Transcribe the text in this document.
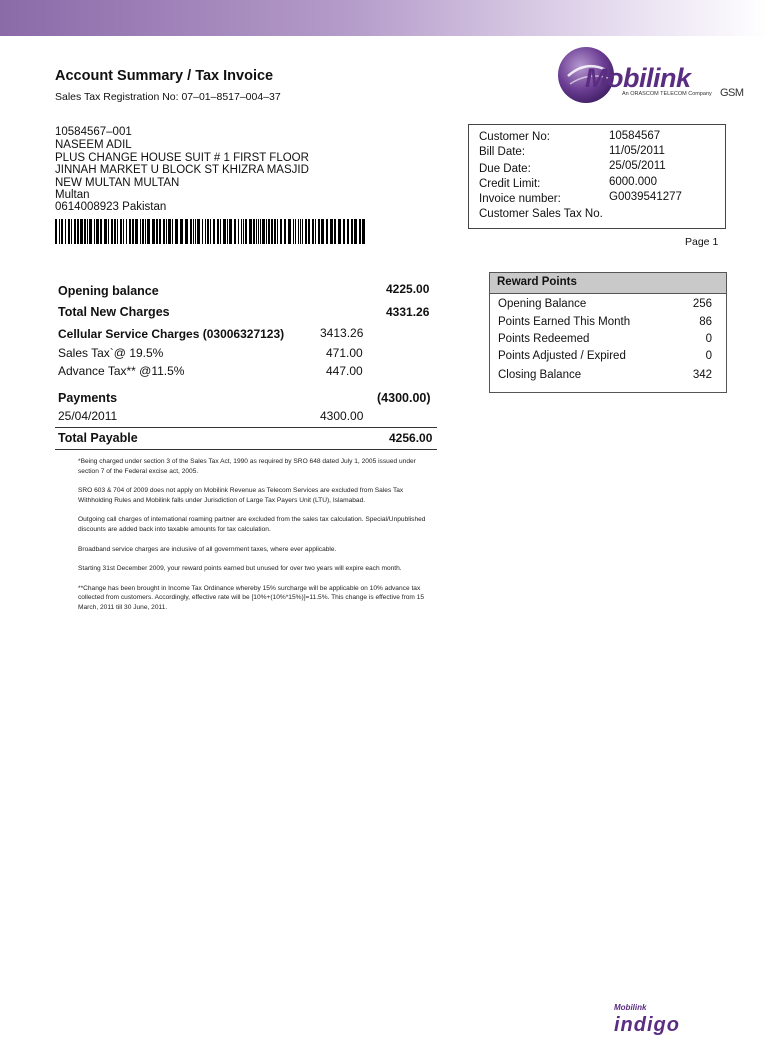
Account Summary / Tax Invoice
Sales Tax Registration No: 07–01–8517–004–37
Mobilink
An ORASCOM TELECOM Company GSM
10584567–001
NASEEM ADIL
PLUS CHANGE HOUSE SUIT # 1 FIRST FLOOR
JINNAH MARKET U BLOCK ST KHIZRA MASJID
NEW MULTAN MULTAN
Multan
0614008923 Pakistan
Customer No:	10584567
Bill Date:	11/05/2011
Due Date:	25/05/2011
Credit Limit:	6000.000
Invoice number:	G0039541277
Customer Sales Tax No.
Page 1
Opening balance	4225.00
Total New Charges	4331.26
Cellular Service Charges (03006327123)	3413.26
Sales Tax`@ 19.5%	471.00
Advance Tax** @11.5%	447.00
Payments	(4300.00)
25/04/2011	4300.00
Total Payable	4256.00

*Being charged under section 3 of the Sales Tax Act, 1990 as required by SRO 648 dated July 1, 2005 issued under section 7 of the Federal excise act, 2005.

SRO 603 & 704 of 2009 does not apply on Mobilink Revenue as Telecom Services are excluded from Sales Tax Withholding Rules and Mobilink falls under Jurisdiction of Large Tax Payers Unit (LTU), Islamabad.

Outgoing call charges of international roaming partner are excluded from the sales tax calculation. Special/Unpublished discounts are added back into taxable amounts for tax calculation.

Broadband service charges are inclusive of all government taxes, where ever applicable.

Starting 31st December 2009, your reward points earned but unused for over two years will expire each month.

**Change has been brought in Income Tax Ordinance whereby 15% surcharge will be applicable on 10% advance tax collected from customers. Accordingly, effective rate will be [10%+(10%*15%)]=11.5%. This change is effective from 15 March, 2011 till 30 June, 2011.

Reward Points
Opening Balance	256
Points Earned This Month	86
Points Redeemed	0
Points Adjusted / Expired	0
Closing Balance	342
Mobilink
indigo
